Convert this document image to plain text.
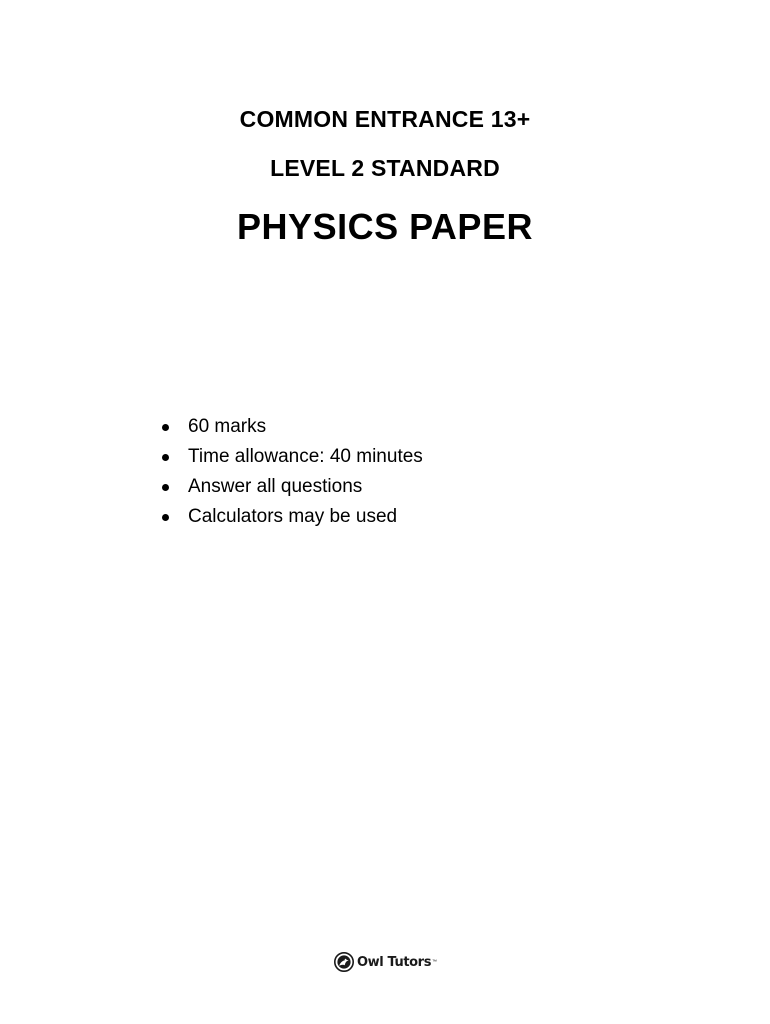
COMMON ENTRANCE 13+
LEVEL 2 STANDARD
PHYSICS PAPER
60 marks
Time allowance: 40 minutes
Answer all questions
Calculators may be used
Owl Tutors ™
